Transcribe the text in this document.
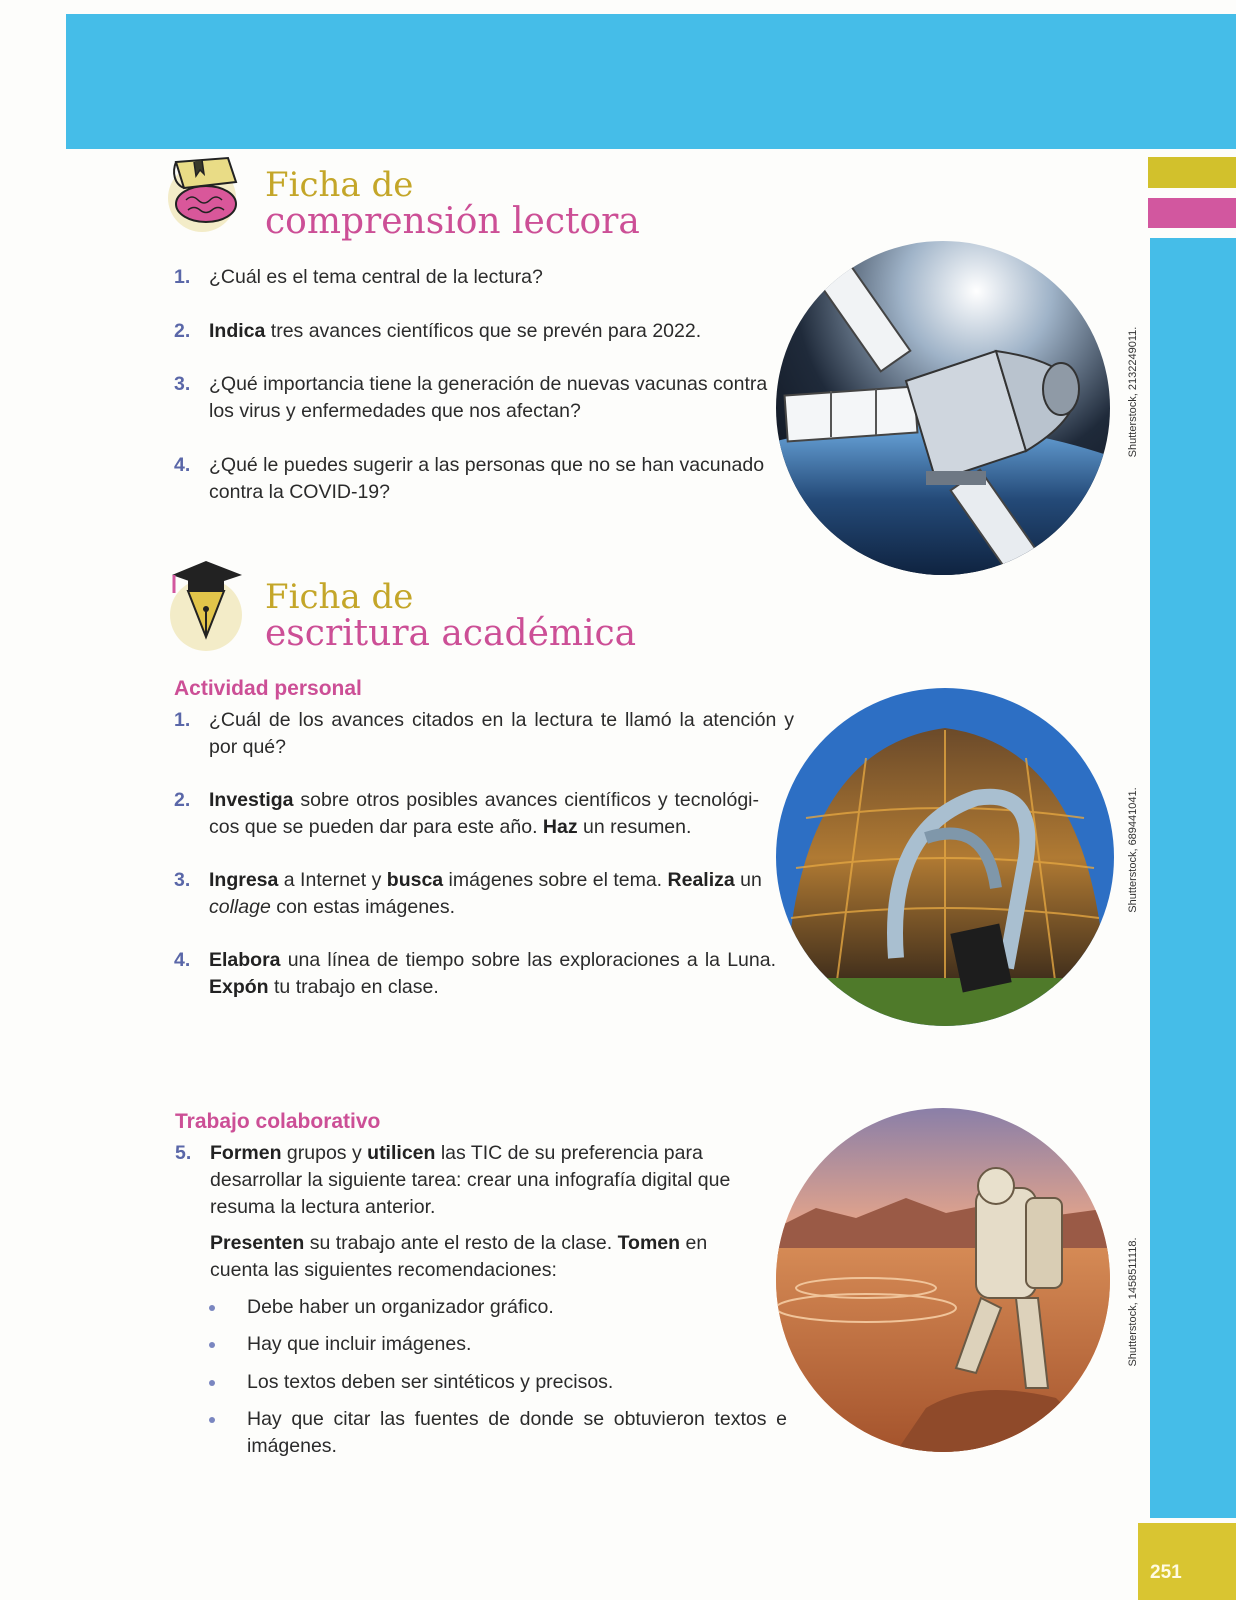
251
Shutterstock, 2132249011.
Shutterstock, 689441041.
Shutterstock, 1458511118.
Ficha de
comprensión lectora
1. ¿Cuál es el tema central de la lectura?
2. Indica tres avances científicos que se prevén para 2022.
3. ¿Qué importancia tiene la generación de nuevas vacunas contra los virus y enfermedades que nos afectan?
4. ¿Qué le puedes sugerir a las personas que no se han vacunado contra la COVID-19?
Ficha de
escritura académica
Actividad personal
1. ¿Cuál de los avances citados en la lectura te llamó la atención y por qué?
2. Investiga sobre otros posibles avances científicos y tecnológi-cos que se pueden dar para este año. Haz un resumen.
3. Ingresa a Internet y busca imágenes sobre el tema. Realiza un collage con estas imágenes.
4. Elabora una línea de tiempo sobre las exploraciones a la Luna. Expón tu trabajo en clase.
Trabajo colaborativo
5. Formen grupos y utilicen las TIC de su preferencia para desarrollar la siguiente tarea: crear una infografía digital que resuma la lectura anterior.
Presenten su trabajo ante el resto de la clase. Tomen en cuenta las siguientes recomendaciones:
Debe haber un organizador gráfico.
Hay que incluir imágenes.
Los textos deben ser sintéticos y precisos.
Hay que citar las fuentes de donde se obtuvieron textos e imágenes.
